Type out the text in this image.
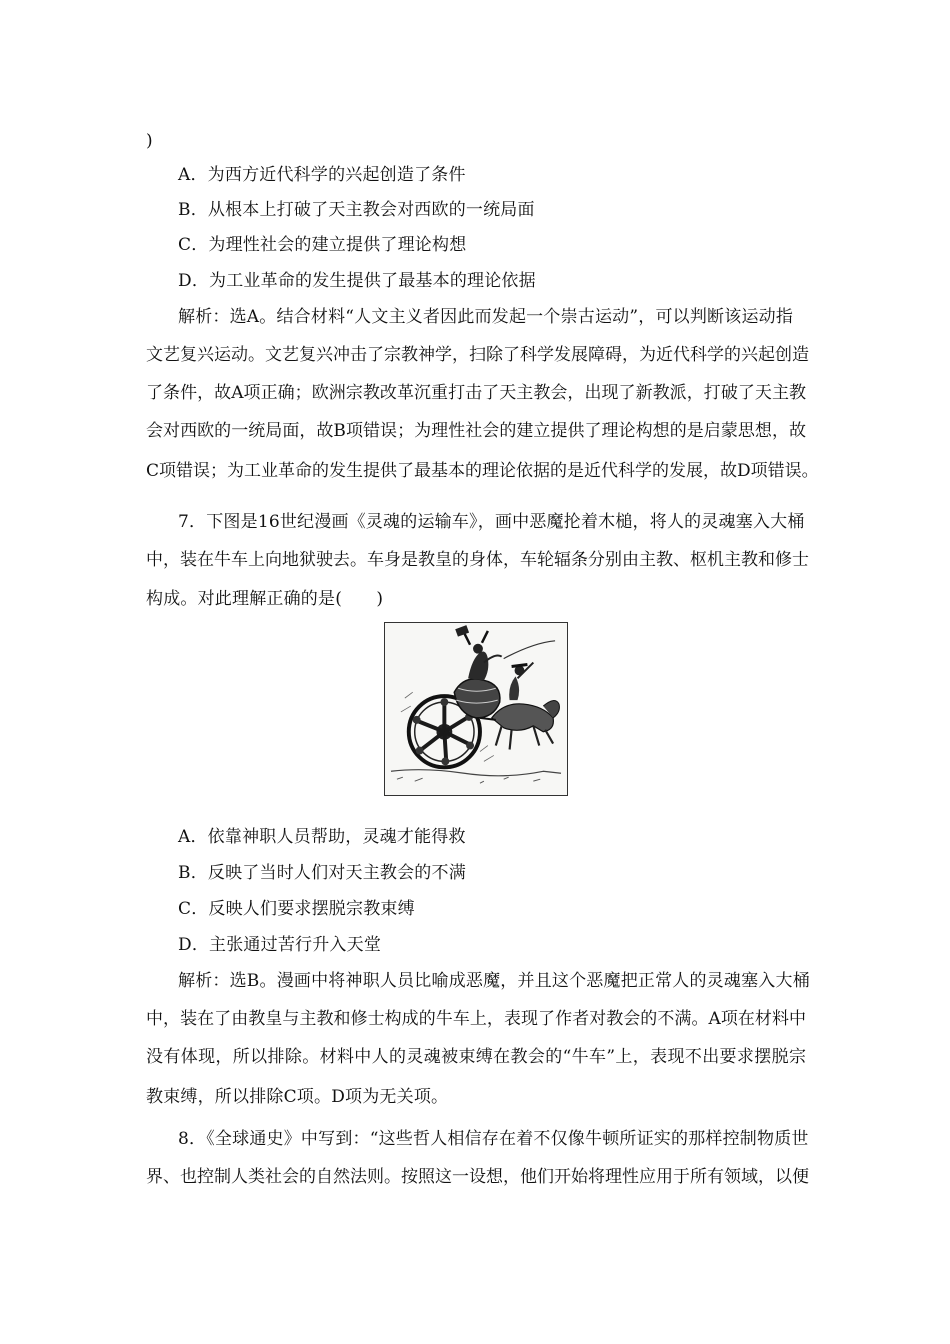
)
A．为西方近代科学的兴起创造了条件
B．从根本上打破了天主教会对西欧的一统局面
C．为理性社会的建立提供了理论构想
D．为工业革命的发生提供了最基本的理论依据
解析：选A。结合材料“人文主义者因此而发起一个崇古运动”，可以判断该运动指
文艺复兴运动。文艺复兴冲击了宗教神学，扫除了科学发展障碍，为近代科学的兴起创造
了条件，故A项正确；欧洲宗教改革沉重打击了天主教会，出现了新教派，打破了天主教
会对西欧的一统局面，故B项错误；为理性社会的建立提供了理论构想的是启蒙思想，故
C项错误；为工业革命的发生提供了最基本的理论依据的是近代科学的发展，故D项错误。
7．下图是16世纪漫画《灵魂的运输车》，画中恶魔抡着木槌，将人的灵魂塞入大桶
中，装在牛车上向地狱驶去。车身是教皇的身体，车轮辐条分别由主教、枢机主教和修士
构成。对此理解正确的是(　　)
A．依靠神职人员帮助，灵魂才能得救
B．反映了当时人们对天主教会的不满
C．反映人们要求摆脱宗教束缚
D．主张通过苦行升入天堂
解析：选B。漫画中将神职人员比喻成恶魔，并且这个恶魔把正常人的灵魂塞入大桶
中，装在了由教皇与主教和修士构成的牛车上，表现了作者对教会的不满。A项在材料中
没有体现，所以排除。材料中人的灵魂被束缚在教会的“牛车”上，表现不出要求摆脱宗
教束缚，所以排除C项。D项为无关项。
8．《全球通史》中写到：“这些哲人相信存在着不仅像牛顿所证实的那样控制物质世
界、也控制人类社会的自然法则。按照这一设想，他们开始将理性应用于所有领域，以便
